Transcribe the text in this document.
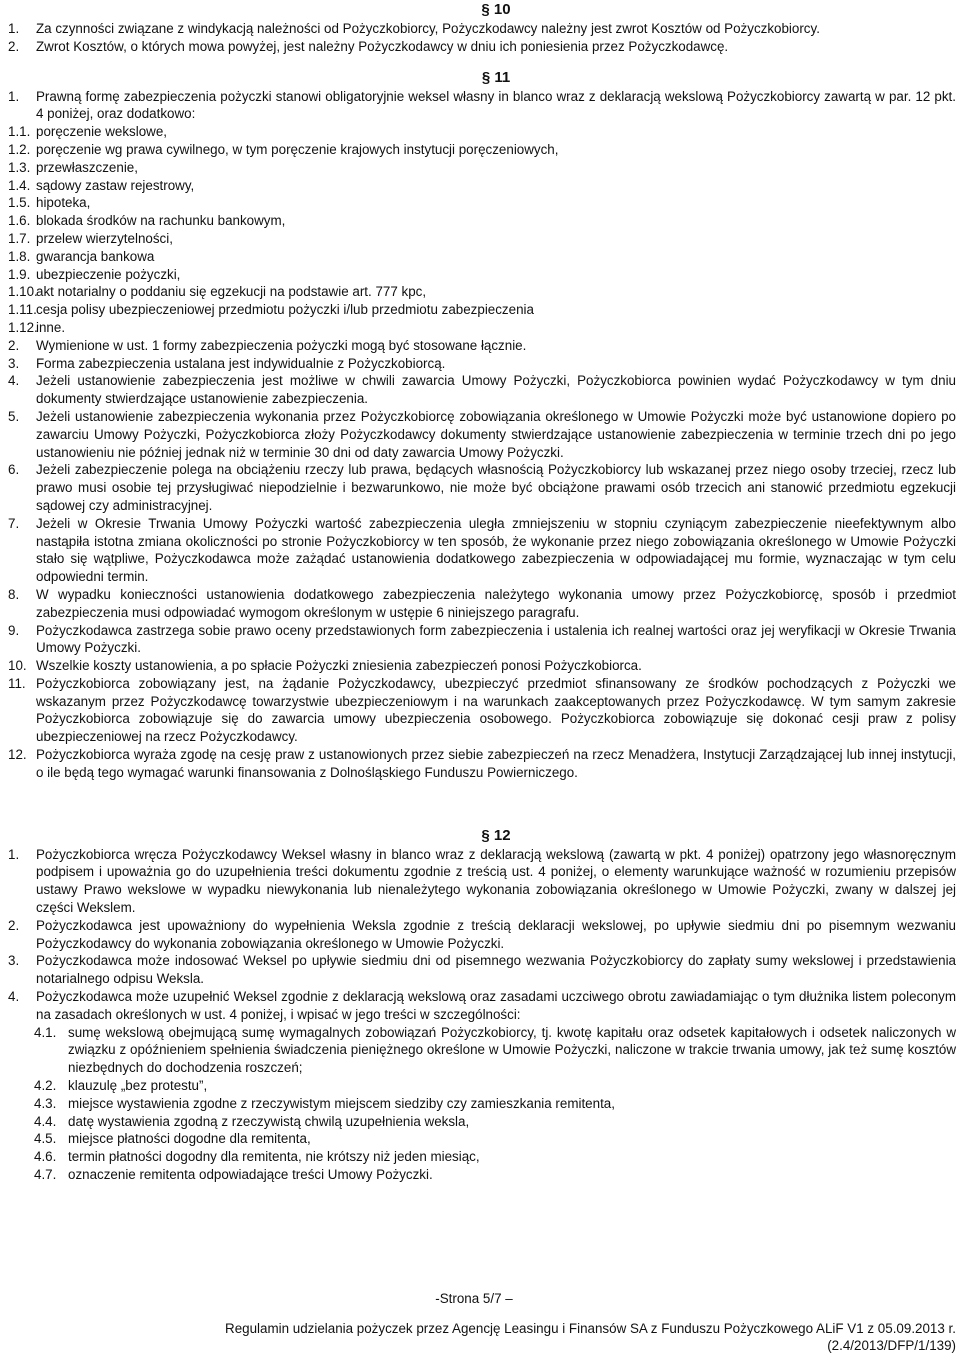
§ 10
1.	Za czynności związane z windykacją należności od Pożyczkobiorcy, Pożyczkodawcy należny jest zwrot Kosztów od Pożyczkobiorcy.
2.	Zwrot Kosztów, o których mowa powyżej, jest należny Pożyczkodawcy w dniu ich poniesienia przez Pożyczkodawcę.
§ 11
1.	Prawną formę zabezpieczenia pożyczki stanowi obligatoryjnie weksel własny in blanco wraz z deklaracją wekslową Pożyczkobiorcy zawartą w par. 12 pkt. 4 poniżej, oraz dodatkowo:
1.1. poręczenie wekslowe,
1.2. poręczenie wg prawa cywilnego, w tym poręczenie krajowych instytucji poręczeniowych,
1.3. przewłaszczenie,
1.4. sądowy zastaw rejestrowy,
1.5. hipoteka,
1.6. blokada środków na rachunku bankowym,
1.7. przelew wierzytelności,
1.8. gwarancja bankowa
1.9. ubezpieczenie pożyczki,
1.10.
akt notarialny o poddaniu się egzekucji na podstawie art. 777 kpc,
1.11. cesja polisy ubezpieczeniowej przedmiotu pożyczki i/lub przedmiotu zabezpieczenia
1.12.
inne.
2.	Wymienione w ust. 1 formy zabezpieczenia pożyczki mogą być stosowane łącznie.
3.	Forma zabezpieczenia ustalana jest indywidualnie z Pożyczkobiorcą.
4.	Jeżeli ustanowienie zabezpieczenia jest możliwe w chwili zawarcia Umowy Pożyczki, Pożyczkobiorca powinien wydać Pożyczkodawcy w tym dniu dokumenty stwierdzające ustanowienie zabezpieczenia.
5.	Jeżeli ustanowienie zabezpieczenia wykonania przez Pożyczkobiorcę zobowiązania określonego w Umowie Pożyczki może być ustanowione dopiero po zawarciu Umowy Pożyczki, Pożyczkobiorca złoży Pożyczkodawcy dokumenty stwierdzające ustanowienie zabezpieczenia w terminie trzech dni po jego ustanowieniu nie później jednak niż w terminie 30 dni od daty zawarcia Umowy Pożyczki.
6.	Jeżeli zabezpieczenie polega na obciążeniu rzeczy lub prawa, będących własnością Pożyczkobiorcy lub wskazanej przez niego osoby trzeciej, rzecz lub prawo musi osobie tej przysługiwać niepodzielnie i bezwarunkowo, nie może być obciążone prawami osób trzecich ani stanowić przedmiotu egzekucji sądowej czy administracyjnej.
7.	Jeżeli w Okresie Trwania Umowy Pożyczki wartość zabezpieczenia uległa zmniejszeniu w stopniu czyniącym zabezpieczenie nieefektywnym albo nastąpiła istotna zmiana okoliczności po stronie Pożyczkobiorcy w ten sposób, że wykonanie przez niego zobowiązania określonego w Umowie Pożyczki stało się wątpliwe, Pożyczkodawca może zażądać ustanowienia dodatkowego zabezpieczenia w odpowiadającej mu formie, wyznaczając w tym celu odpowiedni termin.
8.	W wypadku konieczności ustanowienia dodatkowego zabezpieczenia należytego wykonania umowy przez Pożyczkobiorcę, sposób i przedmiot zabezpieczenia musi odpowiadać wymogom określonym w ustępie 6 niniejszego paragrafu.
9.	Pożyczkodawca zastrzega sobie prawo oceny przedstawionych form zabezpieczenia i ustalenia ich realnej wartości oraz jej weryfikacji w Okresie Trwania Umowy Pożyczki.
10. Wszelkie koszty ustanowienia, a po spłacie Pożyczki zniesienia zabezpieczeń ponosi Pożyczkobiorca.
11. Pożyczkobiorca zobowiązany jest, na żądanie Pożyczkodawcy, ubezpieczyć przedmiot sfinansowany ze środków pochodzących z Pożyczki we wskazanym przez Pożyczkodawcę towarzystwie ubezpieczeniowym i na warunkach zaakceptowanych przez Pożyczkodawcę. W tym samym zakresie Pożyczkobiorca zobowiązuje się do zawarcia umowy ubezpieczenia osobowego. Pożyczkobiorca zobowiązuje się dokonać cesji praw z polisy ubezpieczeniowej na rzecz Pożyczkodawcy.
12. Pożyczkobiorca wyraża zgodę na cesję praw z ustanowionych przez siebie zabezpieczeń na rzecz Menadżera, Instytucji Zarządzającej lub innej instytucji, o ile będą tego wymagać warunki finansowania z Dolnośląskiego Funduszu Powierniczego.
§ 12
1.	Pożyczkobiorca wręcza Pożyczkodawcy Weksel własny in blanco wraz z deklaracją wekslową (zawartą w pkt. 4 poniżej) opatrzony jego własnoręcznym podpisem i upoważnia go do uzupełnienia treści dokumentu zgodnie z treścią ust. 4 poniżej, o elementy warunkujące ważność w rozumieniu przepisów ustawy Prawo wekslowe w wypadku niewykonania lub nienależytego wykonania zobowiązania określonego w Umowie Pożyczki, zwany w dalszej jej części Wekslem.
2.	Pożyczkodawca jest upoważniony do wypełnienia Weksla zgodnie z treścią deklaracji wekslowej, po upływie siedmiu dni po pisemnym wezwaniu Pożyczkodawcy do wykonania zobowiązania określonego w Umowie Pożyczki.
3.	Pożyczkodawca może indosować Weksel po upływie siedmiu dni od pisemnego wezwania Pożyczkobiorcy do zapłaty sumy wekslowej i przedstawienia notarialnego odpisu Weksla.
4.	Pożyczkodawca może uzupełnić Weksel zgodnie z deklaracją wekslową oraz zasadami uczciwego obrotu zawiadamiając o tym dłużnika listem poleconym na zasadach określonych w ust. 4 poniżej, i wpisać w jego treści w szczególności:
4.1. sumę wekslową obejmującą sumę wymagalnych zobowiązań Pożyczkobiorcy, tj. kwotę kapitału oraz odsetek kapitałowych i odsetek naliczonych w związku z opóźnieniem spełnienia świadczenia pieniężnego określone w Umowie Pożyczki, naliczone w trakcie trwania umowy, jak też sumę kosztów niezbędnych do dochodzenia roszczeń;
4.2. klauzulę „bez protestu”,
4.3. miejsce wystawienia zgodne z rzeczywistym miejscem siedziby czy zamieszkania remitenta,
4.4. datę wystawienia zgodną z rzeczywistą chwilą uzupełnienia weksla,
4.5. miejsce płatności dogodne dla remitenta,
4.6. termin płatności dogodny dla remitenta, nie krótszy niż jeden miesiąc,
4.7. oznaczenie remitenta odpowiadające treści Umowy Pożyczki.
-Strona 5/7 –
Regulamin udzielania pożyczek przez Agencję Leasingu i Finansów SA z Funduszu Pożyczkowego ALiF V1 z 05.09.2013 r.
(2.4/2013/DFP/1/139)
